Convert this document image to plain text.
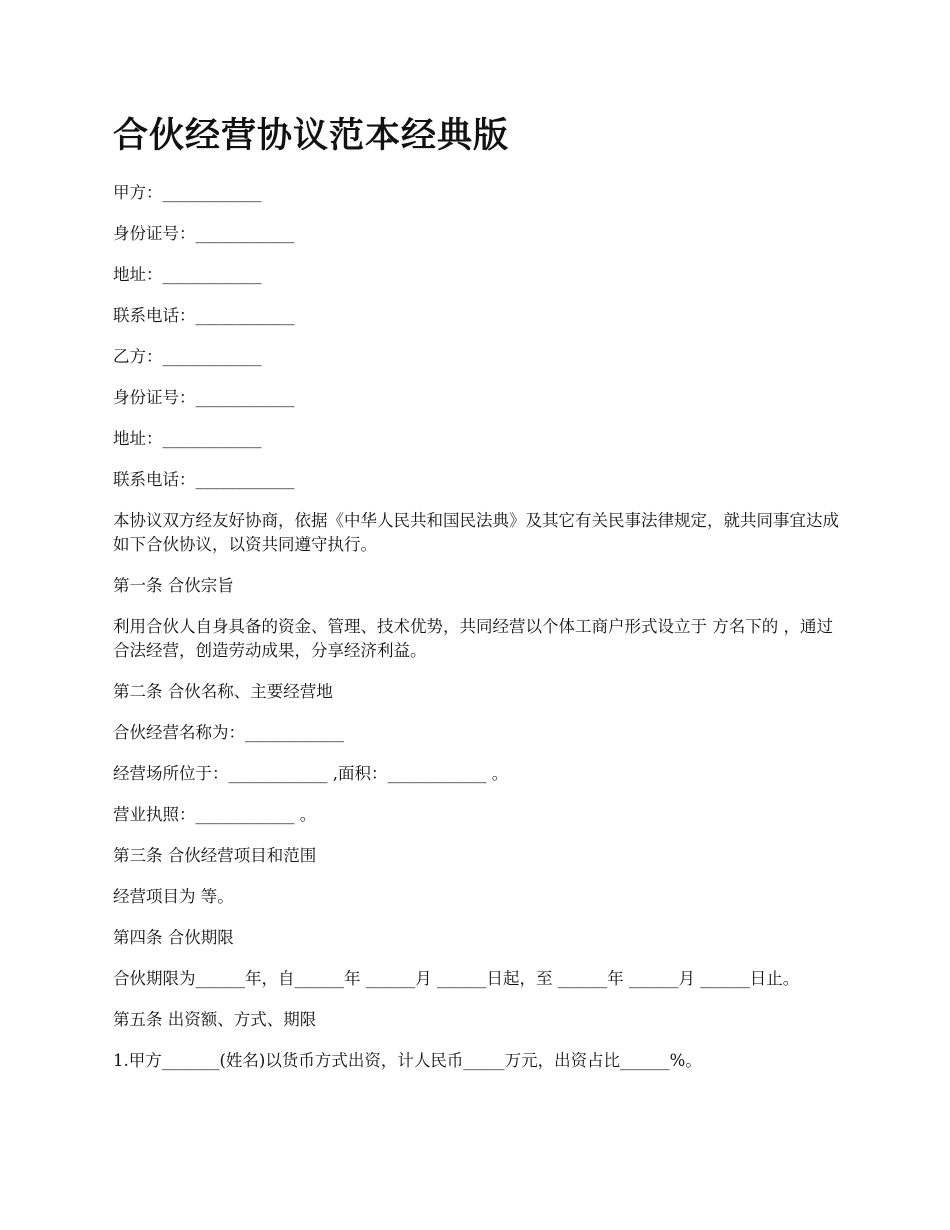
合伙经营协议范本经典版

甲方：____________

身份证号：____________

地址：____________

联系电话：____________

乙方：____________

身份证号：____________

地址：____________

联系电话：____________

本协议双方经友好协商，依据《中华人民共和国民法典》及其它有关民事法律规定，就共同事宜达成如下合伙协议，以资共同遵守执行。

第一条 合伙宗旨

利用合伙人自身具备的资金、管理、技术优势，共同经营以个体工商户形式设立于 方名下的 ，通过合法经营，创造劳动成果，分享经济利益。

第二条 合伙名称、主要经营地

合伙经营名称为：____________

经营场所位于：____________ ,面积：____________ 。

营业执照：____________ 。

第三条 合伙经营项目和范围

经营项目为 等。

第四条 合伙期限

合伙期限为______年，自______年 ______月 ______日起，至 ______年 ______月 ______日止。

第五条 出资额、方式、期限

1.甲方_______(姓名)以货币方式出资，计人民币_____万元，出资占比______%。
